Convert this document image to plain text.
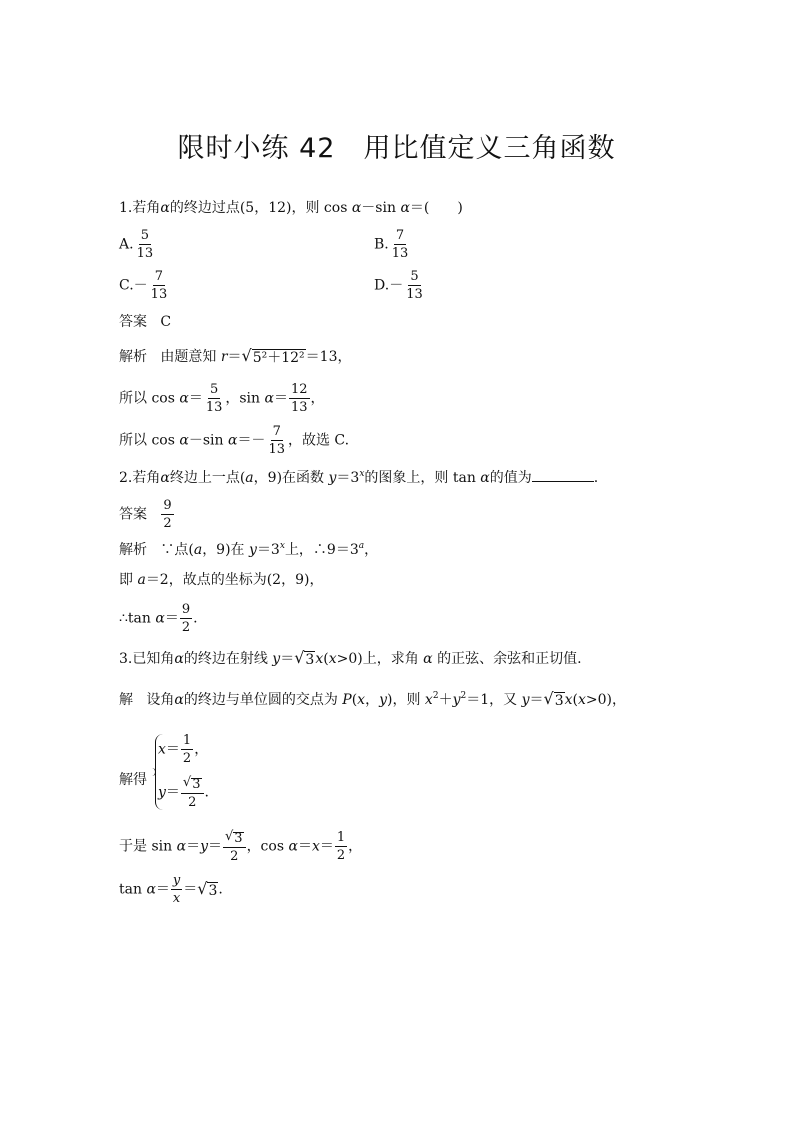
限时小练 42　用比值定义三角函数
1.若角α的终边过点(5，12)，则 cos α－sin α＝(　　)
A. $\frac{5}{13}$	B. $\frac{7}{13}$
$C.- \frac{7}{13}$	$D.- \frac{5}{13}$
答案 C
解析 由题意知 r＝ √ 5²＋12² ＝13，
所以 $\cos \alpha= \frac{5}{13}$ ，$\sin \alpha= \frac{12}{13}$ ，
所以 cos α－sin $\alpha=- \frac{7}{13}$ ，故选 C.
2.若角α终边上一点(a，9)在函数 $y=3^x$的图象上，则 tan α的值为	.
答案 $\frac{9}{2}$
解析 ∵点(a，9)在 $y=3^x$上，$\therefore 9=3^a$，
即 a＝2，故点的坐标为(2，9)，
∴tan $\alpha= \frac{9}{2}$ .
3.已知角α的终边在射线 y＝ √ 3 x(x>0)上，求角 α 的正弦、余弦和正切值.
解 设角α的终边与单位圆的交点为 P(x，y)，则 $x^2+y^2=1$，又 y＝ √ 3 x(x>0)，
解得
$x= \frac{1}{2}$ ，
$y= \frac{√ 3}{2}$ .
于是 $\sin \alpha=y= \frac{√ 3}{2}$ ，$\cos \alpha=x= \frac{1}{2}$ ，
$\tan \alpha= \frac{y}{x}$ ＝ √ 3 .
